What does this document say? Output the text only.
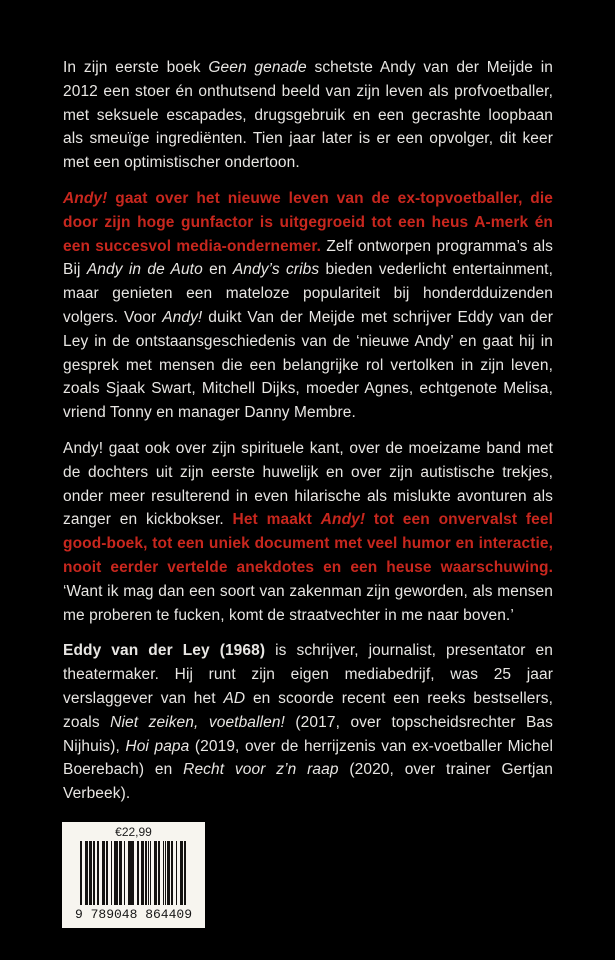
In zijn eerste boek Geen genade schetste Andy van der Meijde in 2012 een stoer én onthutsend beeld van zijn leven als profvoetballer, met seksuele escapades, drugsgebruik en een gecrashte loopbaan als smeuïge ingrediënten. Tien jaar later is er een opvolger, dit keer met een optimistischer ondertoon.

Andy! gaat over het nieuwe leven van de ex-topvoetballer, die door zijn hoge gunfactor is uitgegroeid tot een heus A-merk én een succesvol media-ondernemer. Zelf ontworpen programma’s als Bij Andy in de Auto en Andy’s cribs bieden vederlicht entertainment, maar genieten een mateloze populariteit bij honderdduizenden volgers. Voor Andy! duikt Van der Meijde met schrijver Eddy van der Ley in de ontstaansgeschiedenis van de ‘nieuwe Andy’ en gaat hij in gesprek met mensen die een belangrijke rol vertolken in zijn leven, zoals Sjaak Swart, Mitchell Dijks, moeder Agnes, echtgenote Melisa, vriend Tonny en manager Danny Membre.

Andy! gaat ook over zijn spirituele kant, over de moeizame band met de dochters uit zijn eerste huwelijk en over zijn autistische trekjes, onder meer resulterend in even hilarische als mislukte avonturen als zanger en kickbokser. Het maakt Andy! tot een onvervalst feel good-boek, tot een uniek document met veel humor en interactie, nooit eerder vertelde anekdotes en een heuse waarschuwing. ‘Want ik mag dan een soort van zakenman zijn geworden, als mensen me proberen te fucken, komt de straatvechter in me naar boven.’

Eddy van der Ley (1968) is schrijver, journalist, presentator en theatermaker. Hij runt zijn eigen mediabedrijf, was 25 jaar verslaggever van het AD en scoorde recent een reeks bestsellers, zoals Niet zeiken, voetballen! (2017, over topscheidsrechter Bas Nijhuis), Hoi papa (2019, over de herrijzenis van ex-voetballer Michel Boerebach) en Recht voor z’n raap (2020, over trainer Gertjan Verbeek).

€22,99
9 789048 864409
